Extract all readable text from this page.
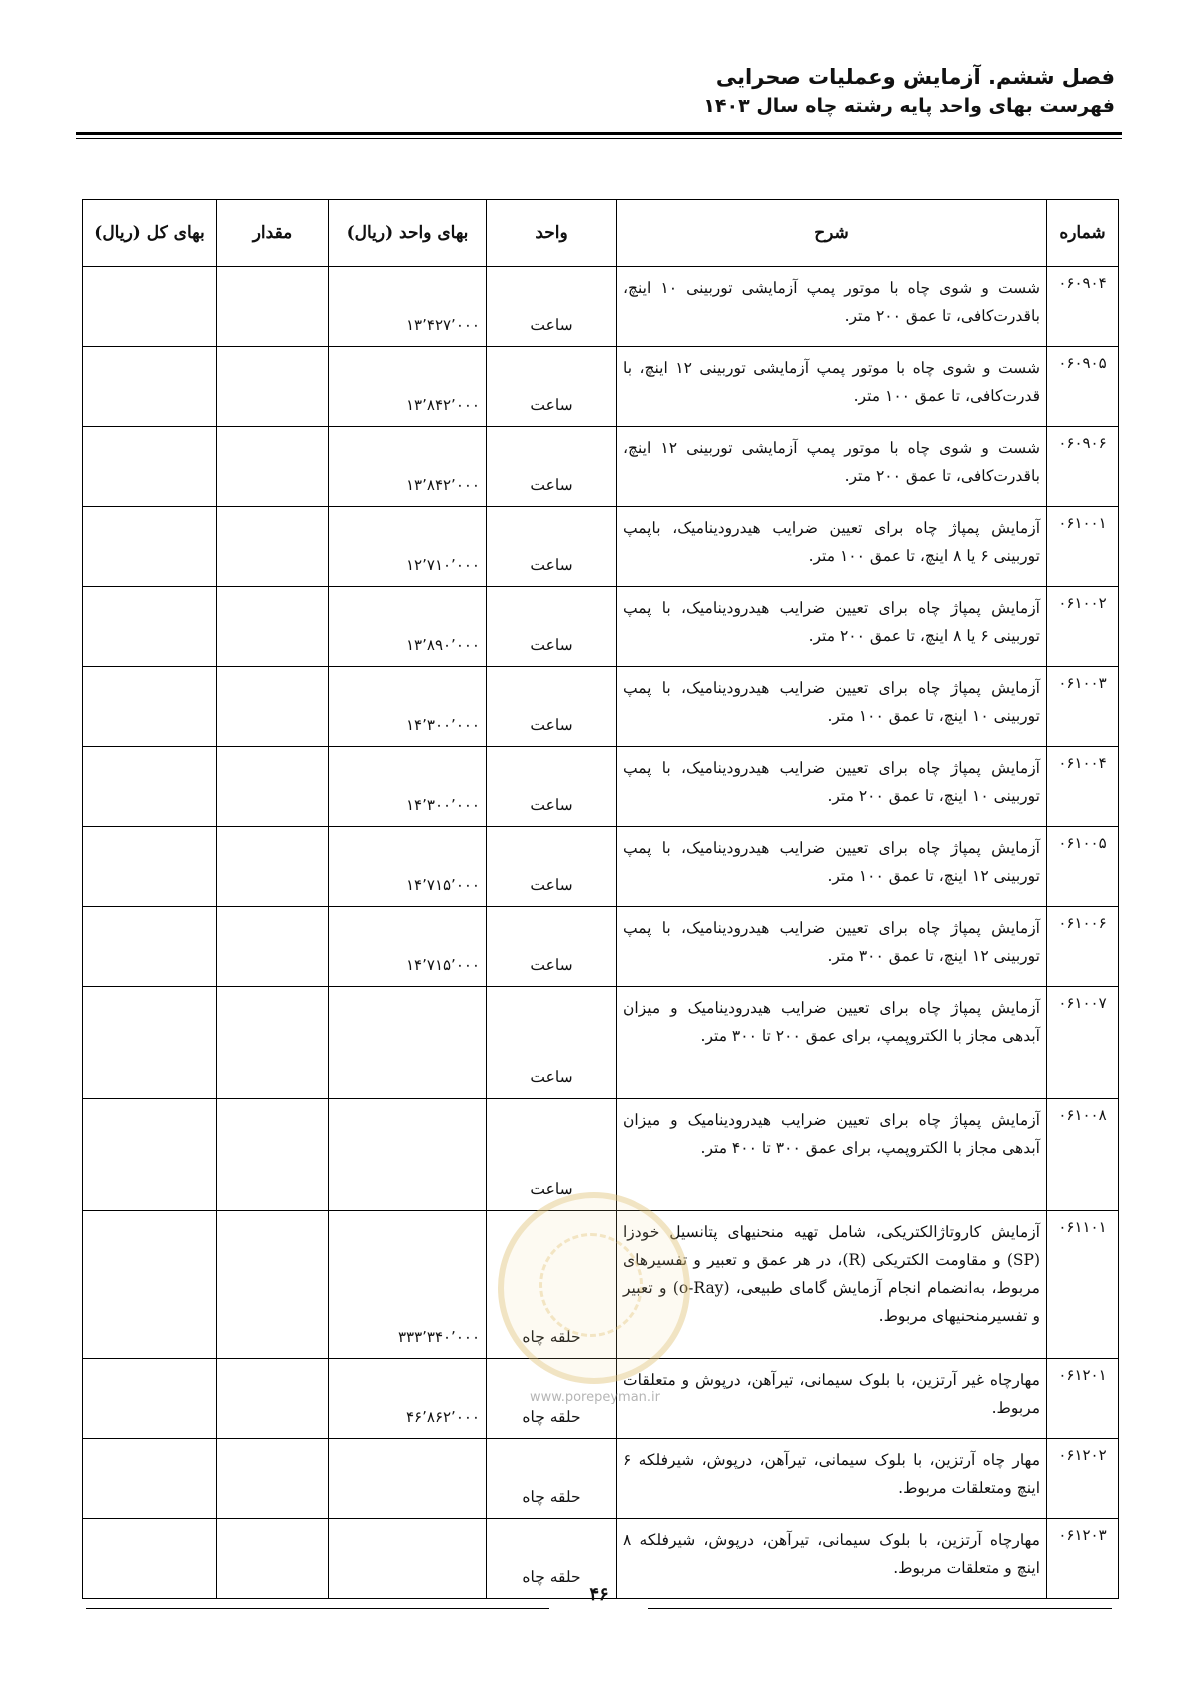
فصل ششم. آزمایش وعملیات صحرایی
فهرست بهای واحد پایه رشته چاه سال ۱۴۰۳
شماره	شرح	واحد	بهای واحد (ریال)	مقدار	بهای کل (ریال)
۰۶۰۹۰۴	شست و شوی چاه با موتور پمپ آزمایشی توربینی ۱۰ اینچ، باقدرت‌کافی، تا عمق ۲۰۰ متر.	ساعت	۱۳٬۴۲۷٬۰۰۰		
۰۶۰۹۰۵	شست و شوی چاه با موتور پمپ آزمایشی توربینی ۱۲ اینچ، با قدرت‌کافی، تا عمق ۱۰۰ متر.	ساعت	۱۳٬۸۴۲٬۰۰۰		
۰۶۰۹۰۶	شست و شوی چاه با موتور پمپ آزمایشی توربینی ۱۲ اینچ، باقدرت‌کافی، تا عمق ۲۰۰ متر.	ساعت	۱۳٬۸۴۲٬۰۰۰		
۰۶۱۰۰۱	آزمایش پمپاژ چاه برای تعیین ضرایب هیدرودینامیک، باپمپ توربینی ۶ یا ۸ اینچ، تا عمق ۱۰۰ متر.	ساعت	۱۲٬۷۱۰٬۰۰۰		
۰۶۱۰۰۲	آزمایش پمپاژ چاه برای تعیین ضرایب هیدرودینامیک، با پمپ توربینی ۶ یا ۸ اینچ، تا عمق ۲۰۰ متر.	ساعت	۱۳٬۸۹۰٬۰۰۰		
۰۶۱۰۰۳	آزمایش پمپاژ چاه برای تعیین ضرایب هیدرودینامیک، با پمپ توربینی ۱۰ اینچ، تا عمق ۱۰۰ متر.	ساعت	۱۴٬۳۰۰٬۰۰۰		
۰۶۱۰۰۴	آزمایش پمپاژ چاه برای تعیین ضرایب هیدرودینامیک، با پمپ توربینی ۱۰ اینچ، تا عمق ۲۰۰ متر.	ساعت	۱۴٬۳۰۰٬۰۰۰		
۰۶۱۰۰۵	آزمایش پمپاژ چاه برای تعیین ضرایب هیدرودینامیک، با پمپ توربینی ۱۲ اینچ، تا عمق ۱۰۰ متر.	ساعت	۱۴٬۷۱۵٬۰۰۰		
۰۶۱۰۰۶	آزمایش پمپاژ چاه برای تعیین ضرایب هیدرودینامیک، با پمپ توربینی ۱۲ اینچ، تا عمق ۳۰۰ متر.	ساعت	۱۴٬۷۱۵٬۰۰۰		
۰۶۱۰۰۷	آزمایش پمپاژ چاه برای تعیین ضرایب هیدرودینامیک و میزان آبدهی مجاز با الکتروپمپ، برای عمق ۲۰۰ تا ۳۰۰ متر.	ساعت			
۰۶۱۰۰۸	آزمایش پمپاژ چاه برای تعیین ضرایب هیدرودینامیک و میزان آبدهی مجاز با الکتروپمپ، برای عمق ۳۰۰ تا ۴۰۰ متر.	ساعت			
۰۶۱۱۰۱	آزمایش کاروتاژالکتریکی، شامل تهیه منحنیهای پتانسیل خودزا (SP) و مقاومت الکتریکی (R)، در هر عمق و تعبیر و تفسیرهای مربوط، به‌انضمام انجام آزمایش گامای طبیعی، (o-Ray) و تعبیر و تفسیرمنحنیهای مربوط.	حلقه چاه	۳۳۳٬۳۴۰٬۰۰۰		
۰۶۱۲۰۱	مهارچاه غیر آرتزین، با بلوک سیمانی، تیرآهن، درپوش و متعلقات مربوط.	حلقه چاه	۴۶٬۸۶۲٬۰۰۰		
۰۶۱۲۰۲	مهار چاه آرتزین، با بلوک سیمانی، تیرآهن، درپوش، شیرفلکه ۶ اینچ ومتعلقات مربوط.	حلقه چاه			
۰۶۱۲۰۳	مهارچاه آرتزین، با بلوک سیمانی، تیرآهن، درپوش، شیرفلکه ۸ اینچ و متعلقات مربوط.	حلقه چاه			
www.porepeyman.ir
۴۶
